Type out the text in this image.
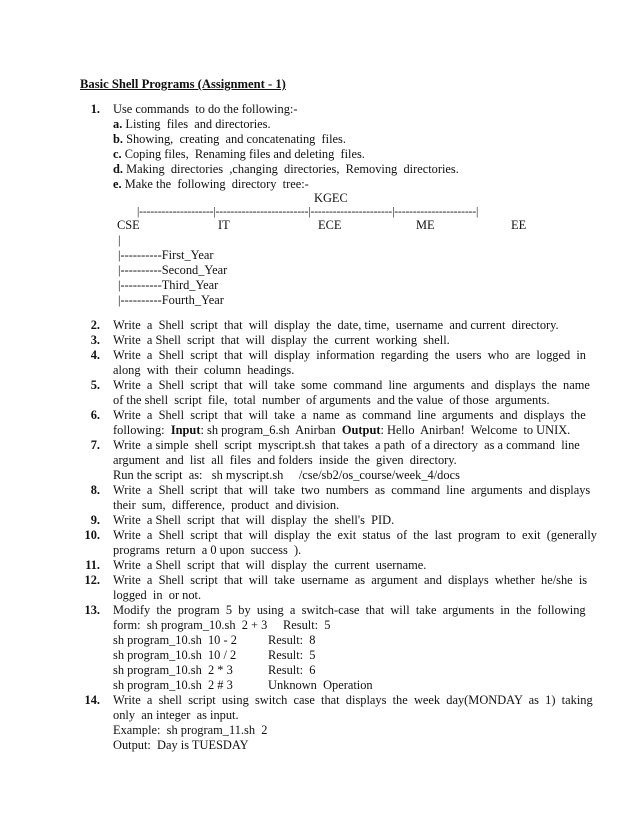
Basic Shell Programs (Assignment - 1)
1. Use commands  to do the following:-
a. Listing  files  and directories.
b. Showing,  creating  and concatenating  files.
c. Coping files,  Renaming files and deleting  files.
d. Making  directories  ,changing  directories,  Removing  directories.
e. Make the  following  directory  tree:-
KGEC
|--------------------|-------------------------|----------------------|----------------------|
CSE	IT	ECE	ME	EE
|
|----------First_Year
|----------Second_Year
|----------Third_Year
|----------Fourth_Year
2. Write  a  Shell  script  that  will  display  the  date, time,  username  and current  directory.
3. Write  a Shell  script  that  will  display  the  current  working  shell.
4. Write  a  Shell  script  that  will  display  information  regarding  the  users  who  are  logged  in
along  with  their  column  headings.
5. Write  a  Shell  script  that  will  take  some  command  line  arguments  and  displays  the  name
of the shell  script  file,  total  number  of arguments  and the value  of those  arguments.
6. Write  a  Shell  script  that  will  take  a  name  as  command  line  arguments  and  displays  the
following:  Input: sh program_6.sh  Anirban  Output: Hello  Anirban!  Welcome  to UNIX.
7. Write  a simple  shell  script  myscript.sh  that takes  a path  of a directory  as a command  line
argument  and  list  all  files  and folders  inside  the  given  directory.
Run the script  as:   sh myscript.sh     /cse/sb2/os_course/week_4/docs
8. Write  a  Shell  script  that  will  take  two  numbers  as  command  line  arguments  and displays
their  sum,  difference,  product  and division.
9. Write  a Shell  script  that  will  display  the  shell's  PID.
10. Write  a  Shell  script  that  will  display  the  exit  status  of  the  last  program  to  exit  (generally
programs  return  a 0 upon  success  ).
11. Write  a Shell  script  that  will  display  the  current  username.
12. Write  a  Shell  script  that  will  take  username  as  argument  and  displays  whether  he/she  is
logged  in  or not.
13. Modify  the  program  5  by  using  a  switch-case  that  will  take  arguments  in  the  following
form:  sh program_10.sh  2 + 3 Result:  5
sh program_10.sh  10 - 2	Result:  8
sh program_10.sh  10 / 2	Result:  5
sh program_10.sh  2 * 3	Result:  6
sh program_10.sh  2 # 3	Unknown  Operation
14. Write  a  shell  script  using  switch  case  that  displays  the  week  day(MONDAY  as  1)  taking
only  an integer  as input.
Example:  sh program_11.sh  2
Output:  Day is TUESDAY
